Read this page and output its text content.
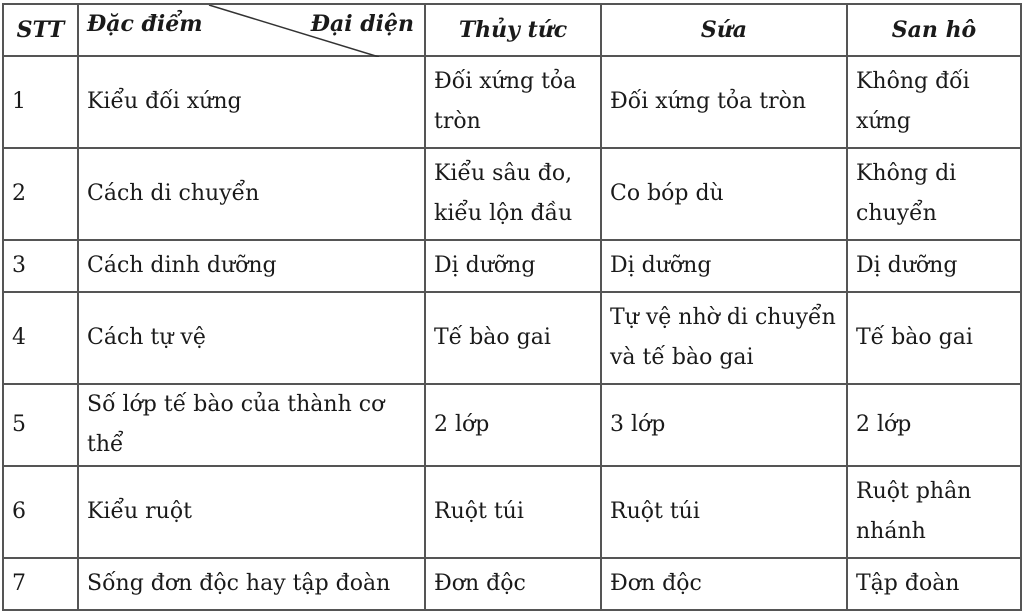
STT	Đặc điểm Đại diện	Thủy tức	Sứa	San hô
1	Kiểu đối xứng	Đối xứng tỏa tròn	Đối xứng tỏa tròn	Không đối xứng
2	Cách di chuyển	Kiểu sâu đo, kiểu lộn đầu	Co bóp dù	Không di chuyển
3	Cách dinh dưỡng	Dị dưỡng	Dị dưỡng	Dị dưỡng
4	Cách tự vệ	Tế bào gai	Tự vệ nhờ di chuyển và tế bào gai	Tế bào gai
5	Số lớp tế bào của thành cơ thể	2 lớp	3 lớp	2 lớp
6	Kiểu ruột	Ruột túi	Ruột túi	Ruột phân nhánh
7	Sống đơn độc hay tập đoàn	Đơn độc	Đơn độc	Tập đoàn
